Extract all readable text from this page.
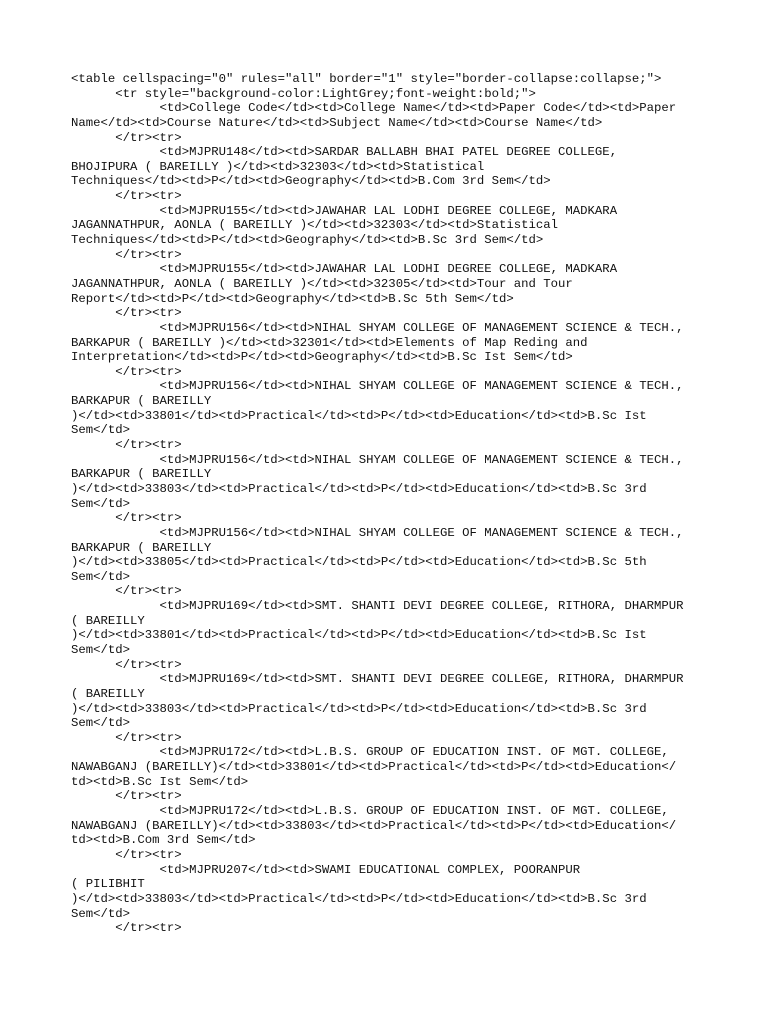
<table cellspacing="0" rules="all" border="1" style="border-collapse:collapse;">
<tr style="background-color:LightGrey;font-weight:bold;">
<td>College Code</td><td>College Name</td><td>Paper Code</td><td>Paper
Name</td><td>Course Nature</td><td>Subject Name</td><td>Course Name</td>
</tr><tr>
<td>MJPRU148</td><td>SARDAR BALLABH BHAI PATEL DEGREE COLLEGE,
BHOJIPURA ( BAREILLY )</td><td>32303</td><td>Statistical
Techniques</td><td>P</td><td>Geography</td><td>B.Com 3rd Sem</td>
</tr><tr>
<td>MJPRU155</td><td>JAWAHAR LAL LODHI DEGREE COLLEGE, MADKARA
JAGANNATHPUR, AONLA ( BAREILLY )</td><td>32303</td><td>Statistical
Techniques</td><td>P</td><td>Geography</td><td>B.Sc 3rd Sem</td>
</tr><tr>
<td>MJPRU155</td><td>JAWAHAR LAL LODHI DEGREE COLLEGE, MADKARA
JAGANNATHPUR, AONLA ( BAREILLY )</td><td>32305</td><td>Tour and Tour
Report</td><td>P</td><td>Geography</td><td>B.Sc 5th Sem</td>
</tr><tr>
<td>MJPRU156</td><td>NIHAL SHYAM COLLEGE OF MANAGEMENT SCIENCE & TECH.,
BARKAPUR ( BAREILLY )</td><td>32301</td><td>Elements of Map Reding and
Interpretation</td><td>P</td><td>Geography</td><td>B.Sc Ist Sem</td>
</tr><tr>
<td>MJPRU156</td><td>NIHAL SHYAM COLLEGE OF MANAGEMENT SCIENCE & TECH.,
BARKAPUR ( BAREILLY
)</td><td>33801</td><td>Practical</td><td>P</td><td>Education</td><td>B.Sc Ist
Sem</td>
</tr><tr>
<td>MJPRU156</td><td>NIHAL SHYAM COLLEGE OF MANAGEMENT SCIENCE & TECH.,
BARKAPUR ( BAREILLY
)</td><td>33803</td><td>Practical</td><td>P</td><td>Education</td><td>B.Sc 3rd
Sem</td>
</tr><tr>
<td>MJPRU156</td><td>NIHAL SHYAM COLLEGE OF MANAGEMENT SCIENCE & TECH.,
BARKAPUR ( BAREILLY
)</td><td>33805</td><td>Practical</td><td>P</td><td>Education</td><td>B.Sc 5th
Sem</td>
</tr><tr>
<td>MJPRU169</td><td>SMT. SHANTI DEVI DEGREE COLLEGE, RITHORA, DHARMPUR
( BAREILLY
)</td><td>33801</td><td>Practical</td><td>P</td><td>Education</td><td>B.Sc Ist
Sem</td>
</tr><tr>
<td>MJPRU169</td><td>SMT. SHANTI DEVI DEGREE COLLEGE, RITHORA, DHARMPUR
( BAREILLY
)</td><td>33803</td><td>Practical</td><td>P</td><td>Education</td><td>B.Sc 3rd
Sem</td>
</tr><tr>
<td>MJPRU172</td><td>L.B.S. GROUP OF EDUCATION INST. OF MGT. COLLEGE,
NAWABGANJ (BAREILLY)</td><td>33801</td><td>Practical</td><td>P</td><td>Education</
td><td>B.Sc Ist Sem</td>
</tr><tr>
<td>MJPRU172</td><td>L.B.S. GROUP OF EDUCATION INST. OF MGT. COLLEGE,
NAWABGANJ (BAREILLY)</td><td>33803</td><td>Practical</td><td>P</td><td>Education</
td><td>B.Com 3rd Sem</td>
</tr><tr>
<td>MJPRU207</td><td>SWAMI EDUCATIONAL COMPLEX, POORANPUR
( PILIBHIT
)</td><td>33803</td><td>Practical</td><td>P</td><td>Education</td><td>B.Sc 3rd
Sem</td>
</tr><tr>
